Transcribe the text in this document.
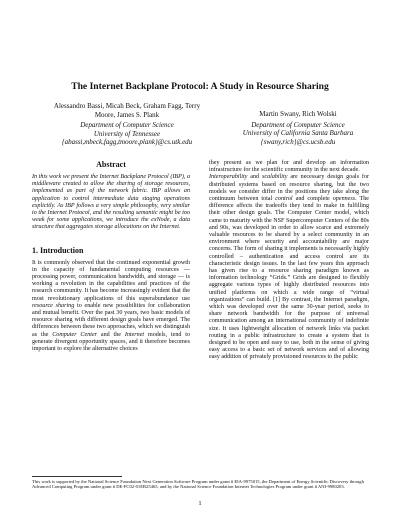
The Internet Backplane Protocol: A Study in Resource Sharing
Alessandro Bassi, Micah Beck, Graham Fagg, Terry Moore, James S. Plank
Department of Computer Science
University of Tennessee
{abassi,mbeck,fagg,tmoore,plank}@cs.utk.edu
Martin Swany, Rich Wolski
Department of Computer Science
University of California Santa Barbara
{swany,rich}@cs.ucsb.edu
Abstract

In this work we present the Internet Backplane Protocol (IBP), a middleware created to allow the sharing of storage resources, implemented as part of the network fabric. IBP allows an application to control intermediate data staging operations explicitly. As IBP follows a very simple philosophy, very similar to the Internet Protocol, and the resulting semantic might be too weak for some applications, we introduce the exNode, a data structure that aggregates storage allocations on the Internet.

1. Introduction

It is commonly observed that the continued exponential growth in the capacity of fundamental computing resources — processing power, communication bandwidth, and storage — is working a revolution in the capabilities and practices of the research community. It has become increasingly evident that the most revolutionary applications of this superabundance use resource sharing to enable new possibilities for collaboration and mutual benefit. Over the past 30 years, two basic models of resource sharing with different design goals have emerged. The differences between these two approaches, which we distinguish as the Computer Center and the Internet models, tend to generate divergent opportunity spaces, and it therefore becomes important to explore the alternative choices

they present as we plan for and develop an information infrastructure for the scientific community in the next decade.

Interoperability and scalability are necessary design goals for distributed systems based on resource sharing, but the two models we consider differ in the positions they take along the continuum between total control and complete openness. The difference affects the tradeoffs they tend to make in fulfilling their other design goals. The Computer Center model, which came to maturity with the NSF Supercomputer Centers of the 80s and 90s, was developed in order to allow scarce and extremely valuable resources to be shared by a select community in an environment where security and accountability are major concerns. The form of sharing it implements is necessarily highly controlled – authentication and access control are its characteristic design issues. In the last few years this approach has given rise to a resource sharing paradigm known as information technology “Grids.” Grids are designed to flexibly aggregate various types of highly distributed resources into unified platforms on which a wide range of “virtual organizations” can build. [1] By contrast, the Internet paradigm, which was developed over the same 30-year period, seeks to share network bandwidth for the purpose of universal communication among an international community of indefinite size. It uses lightweight allocation of network links via packet routing in a public infrastructure to create a system that is designed to be open and easy to use, both in the sense of giving easy access to a basic set of network services and of allowing easy addition of privately provisioned resources to the public

This work is supported by the National Science Foundation Next Generation Software Program under grant # EIA-9975015, the Department of Energy Scientific Discovery through Advanced Computing Program under grant # DE-FC02-01ER25465, and by the National Science Foundation Internet Technologies Program under grant # ANI-9980203.
1
